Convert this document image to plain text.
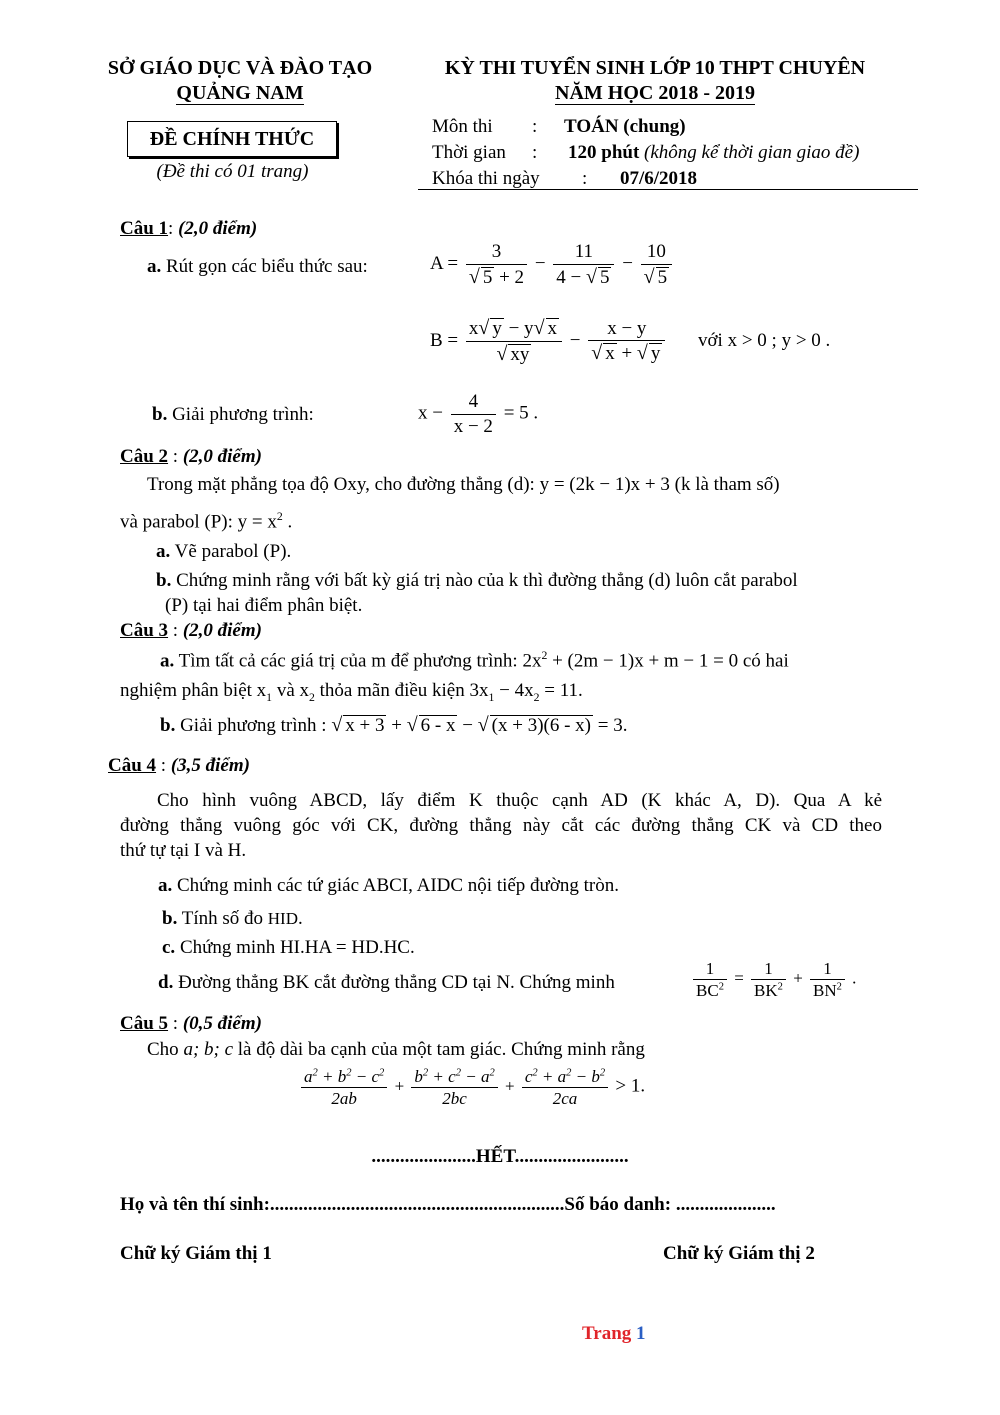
SỞ GIÁO DỤC VÀ ĐÀO TẠO
QUẢNG NAM
KỲ THI TUYỂN SINH LỚP 10 THPT CHUYÊN
NĂM HỌC 2018 - 2019
ĐỀ CHÍNH THỨC
(Đề thi có 01 trang)
Môn thi : TOÁN (chung)
Thời gian : 120 phút (không kể thời gian giao đề)
Khóa thi ngày : 07/6/2018
Câu 1: (2,0 điểm)
a. Rút gọn các biểu thức sau:	$A = \frac{3}{√ 5 + 2} - \frac{11}{4 - √ 5} - \frac{10}{√ 5}$
$B = \frac{x√ y - y√ x}{√ xy} - \frac{x - y}{√ x + √ y}$ với x > 0 ; y > 0 .
b. Giải phương trình:	$x - \frac{4}{x - 2} = 5$ .
Câu 2 : (2,0 điểm)
Trong mặt phẳng tọa độ Oxy, cho đường thẳng (d): y = (2k − 1)x + 3 (k là tham số)
và parabol (P): $y = x^2$ .
a. Vẽ parabol (P).
b. Chứng minh rằng với bất kỳ giá trị nào của k thì đường thẳng (d) luôn cắt parabol
(P) tại hai điểm phân biệt.
Câu 3 : (2,0 điểm)
a. Tìm tất cả các giá trị của m để phương trình: $2x^2 + (2m - 1)x + m - 1 = 0$ có hai
nghiệm phân biệt $x_1$ và $x_2$ thỏa mãn điều kiện $3x_1 - 4x_2 = 11$.
b. Giải phương trình : √ x + 3 + √ 6 - x − √ (x + 3)(6 - x) = 3.
Câu 4 : (3,5 điểm)
Cho hình vuông ABCD, lấy điểm K thuộc cạnh AD (K khác A, D). Qua A kẻ
đường thẳng vuông góc với CK, đường thẳng này cắt các đường thẳng CK và CD theo
thứ tự tại I và H.
a. Chứng minh các tứ giác ABCI, AIDC nội tiếp đường tròn.
b. Tính số đo HID.
c. Chứng minh HI.HA = HD.HC.
d. Đường thẳng BK cắt đường thẳng CD tại N. Chứng minh	$\frac{1}{BC^2} = \frac{1}{BK^2} + \frac{1}{BN^2}$ .
Câu 5 : (0,5 điểm)
Cho a; b; c là độ dài ba cạnh của một tam giác. Chứng minh rằng
$\frac{a^2 + b^2 - c^2}{2ab} + \frac{b^2 + c^2 - a^2}{2bc} + \frac{c^2 + a^2 - b^2}{2ca} > 1$.
......................HẾT........................
Họ và tên thí sinh:..............................................................Số báo danh: .....................
Chữ ký Giám thị 1	Chữ ký Giám thị 2
Trang 1
